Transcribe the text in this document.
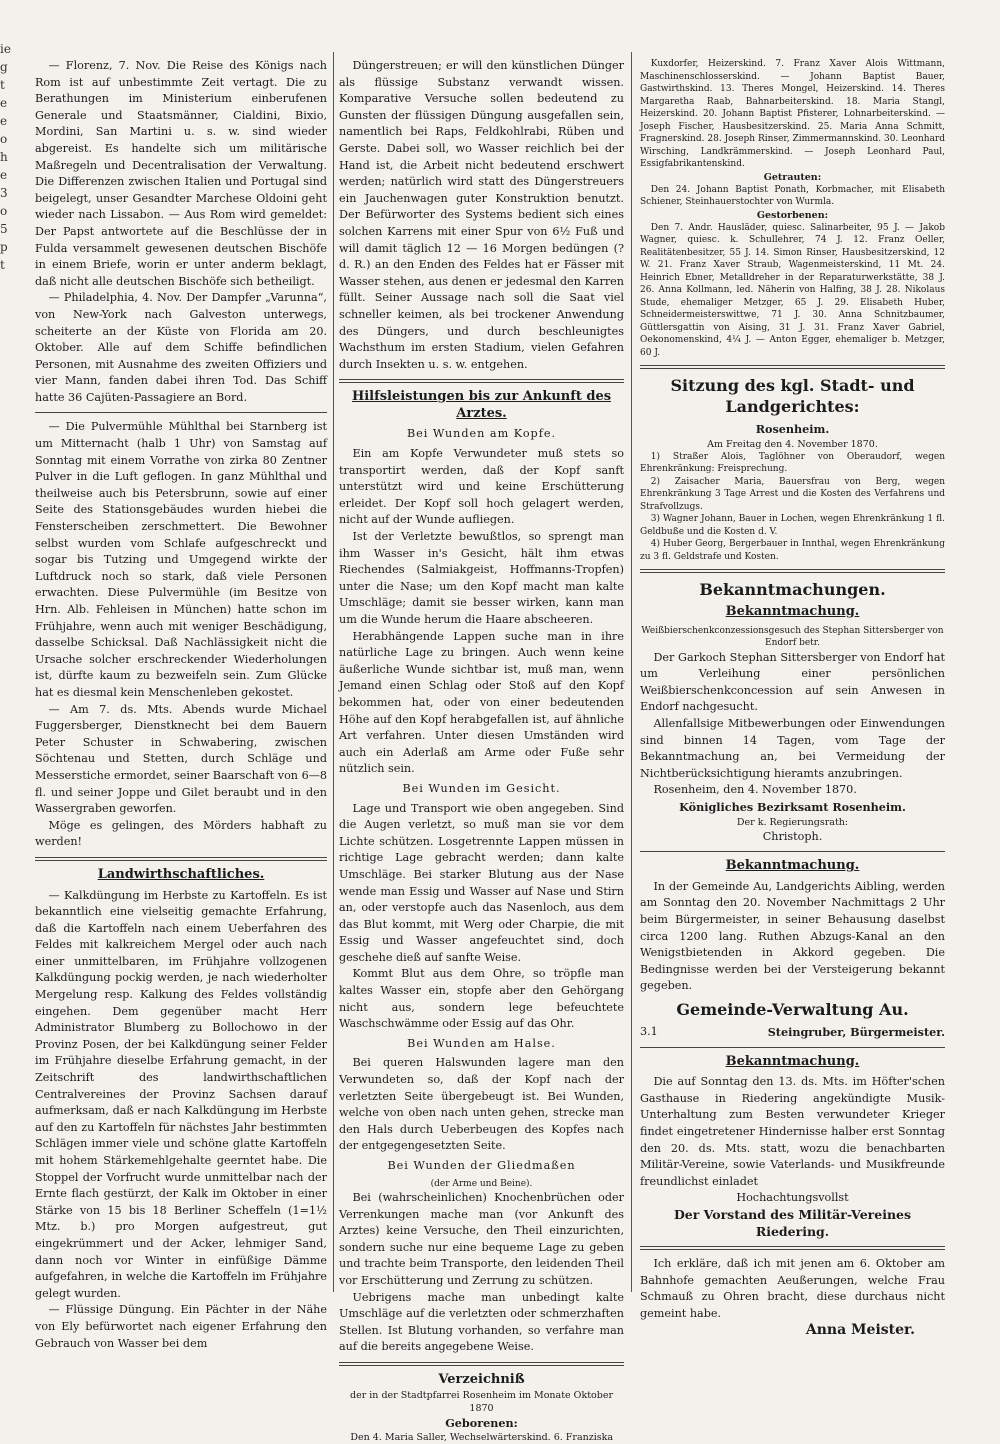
ie
g
t
e
e
o
h
e
3
o
5
p
t

— Florenz, 7. Nov. Die Reise des Königs nach Rom ist auf unbestimmte Zeit vertagt. Die zu Berathungen im Ministerium einberufenen Generale und Staatsmänner, Cialdini, Bixio, Mordini, San Martini u. s. w. sind wieder abgereist. Es handelte sich um militärische Maßregeln und Decentralisation der Verwaltung. Die Differenzen zwischen Italien und Portugal sind beigelegt, unser Gesandter Marchese Oldoini geht wieder nach Lissabon. — Aus Rom wird gemeldet: Der Papst antwortete auf die Beschlüsse der in Fulda versammelt gewesenen deutschen Bischöfe in einem Briefe, worin er unter anderm beklagt, daß nicht alle deutschen Bischöfe sich betheiligt.

— Philadelphia, 4. Nov. Der Dampfer „Varunna“, von New-York nach Galveston unterwegs, scheiterte an der Küste von Florida am 20. Oktober. Alle auf dem Schiffe befindlichen Personen, mit Ausnahme des zweiten Offiziers und vier Mann, fanden dabei ihren Tod. Das Schiff hatte 36 Cajüten-Passagiere an Bord.

— Die Pulvermühle Mühlthal bei Starnberg ist um Mitternacht (halb 1 Uhr) von Samstag auf Sonntag mit einem Vorrathe von zirka 80 Zentner Pulver in die Luft geflogen. In ganz Mühlthal und theilweise auch bis Petersbrunn, sowie auf einer Seite des Stationsgebäudes wurden hiebei die Fensterscheiben zerschmettert. Die Bewohner selbst wurden vom Schlafe aufgeschreckt und sogar bis Tutzing und Umgegend wirkte der Luftdruck noch so stark, daß viele Personen erwachten. Diese Pulvermühle (im Besitze von Hrn. Alb. Fehleisen in München) hatte schon im Frühjahre, wenn auch mit weniger Beschädigung, dasselbe Schicksal. Daß Nachlässigkeit nicht die Ursache solcher erschreckender Wiederholungen ist, dürfte kaum zu bezweifeln sein. Zum Glücke hat es diesmal kein Menschenleben gekostet.

— Am 7. ds. Mts. Abends wurde Michael Fuggersberger, Dienstknecht bei dem Bauern Peter Schuster in Schwabering, zwischen Söchtenau und Stetten, durch Schläge und Messerstiche ermordet, seiner Baarschaft von 6—8 fl. und seiner Joppe und Gilet beraubt und in den Wassergraben geworfen.

Möge es gelingen, des Mörders habhaft zu werden!

Landwirthschaftliches.

— Kalkdüngung im Herbste zu Kartoffeln. Es ist bekanntlich eine vielseitig gemachte Erfahrung, daß die Kartoffeln nach einem Ueberfahren des Feldes mit kalkreichem Mergel oder auch nach einer unmittelbaren, im Frühjahre vollzogenen Kalkdüngung pockig werden, je nach wiederholter Mergelung resp. Kalkung des Feldes vollständig eingehen. Dem gegenüber macht Herr Administrator Blumberg zu Bollochowo in der Provinz Posen, der bei Kalkdüngung seiner Felder im Frühjahre dieselbe Erfahrung gemacht, in der Zeitschrift des landwirthschaftlichen Centralvereines der Provinz Sachsen darauf aufmerksam, daß er nach Kalkdüngung im Herbste auf den zu Kartoffeln für nächstes Jahr bestimmten Schlägen immer viele und schöne glatte Kartoffeln mit hohem Stärkemehlgehalte geerntet habe. Die Stoppel der Vorfrucht wurde unmittelbar nach der Ernte flach gestürzt, der Kalk im Oktober in einer Stärke von 15 bis 18 Berliner Scheffeln (1=1½ Mtz. b.) pro Morgen aufgestreut, gut eingekrümmert und der Acker, lehmiger Sand, dann noch vor Winter in einfüßige Dämme aufgefahren, in welche die Kartoffeln im Frühjahre gelegt wurden.

— Flüssige Düngung. Ein Pächter in der Nähe von Ely befürwortet nach eigener Erfahrung den Gebrauch von Wasser bei dem

Düngerstreuen; er will den künstlichen Dünger als flüssige Substanz verwandt wissen. Komparative Versuche sollen bedeutend zu Gunsten der flüssigen Düngung ausgefallen sein, namentlich bei Raps, Feldkohlrabi, Rüben und Gerste. Dabei soll, wo Wasser reichlich bei der Hand ist, die Arbeit nicht bedeutend erschwert werden; natürlich wird statt des Düngerstreuers ein Jauchenwagen guter Konstruktion benutzt. Der Befürworter des Systems bedient sich eines solchen Karrens mit einer Spur von 6½ Fuß und will damit täglich 12 — 16 Morgen bedüngen (? d. R.) an den Enden des Feldes hat er Fässer mit Wasser stehen, aus denen er jedesmal den Karren füllt. Seiner Aussage nach soll die Saat viel schneller keimen, als bei trockener Anwendung des Düngers, und durch beschleunigtes Wachsthum im ersten Stadium, vielen Gefahren durch Insekten u. s. w. entgehen.

Hilfsleistungen bis zur Ankunft des Arztes.
Bei Wunden am Kopfe.

Ein am Kopfe Verwundeter muß stets so transportirt werden, daß der Kopf sanft unterstützt wird und keine Erschütterung erleidet. Der Kopf soll hoch gelagert werden, nicht auf der Wunde aufliegen.

Ist der Verletzte bewußtlos, so sprengt man ihm Wasser in's Gesicht, hält ihm etwas Riechendes (Salmiakgeist, Hoffmanns-Tropfen) unter die Nase; um den Kopf macht man kalte Umschläge; damit sie besser wirken, kann man um die Wunde herum die Haare abscheeren.

Herabhängende Lappen suche man in ihre natürliche Lage zu bringen. Auch wenn keine äußerliche Wunde sichtbar ist, muß man, wenn Jemand einen Schlag oder Stoß auf den Kopf bekommen hat, oder von einer bedeutenden Höhe auf den Kopf herabgefallen ist, auf ähnliche Art verfahren. Unter diesen Umständen wird auch ein Aderlaß am Arme oder Fuße sehr nützlich sein.

Bei Wunden im Gesicht.

Lage und Transport wie oben angegeben. Sind die Augen verletzt, so muß man sie vor dem Lichte schützen. Losgetrennte Lappen müssen in richtige Lage gebracht werden; dann kalte Umschläge. Bei starker Blutung aus der Nase wende man Essig und Wasser auf Nase und Stirn an, oder verstopfe auch das Nasenloch, aus dem das Blut kommt, mit Werg oder Charpie, die mit Essig und Wasser angefeuchtet sind, doch geschehe dieß auf sanfte Weise.

Kommt Blut aus dem Ohre, so tröpfle man kaltes Wasser ein, stopfe aber den Gehörgang nicht aus, sondern lege befeuchtete Waschschwämme oder Essig auf das Ohr.

Bei Wunden am Halse.

Bei queren Halswunden lagere man den Verwundeten so, daß der Kopf nach der verletzten Seite übergebeugt ist. Bei Wunden, welche von oben nach unten gehen, strecke man den Hals durch Ueberbeugen des Kopfes nach der entgegengesetzten Seite.

Bei Wunden der Gliedmaßen
(der Arme und Beine).

Bei (wahrscheinlichen) Knochenbrüchen oder Verrenkungen mache man (vor Ankunft des Arztes) keine Versuche, den Theil einzurichten, sondern suche nur eine bequeme Lage zu geben und trachte beim Transporte, den leidenden Theil vor Erschütterung und Zerrung zu schützen.

Uebrigens mache man unbedingt kalte Umschläge auf die verletzten oder schmerzhaften Stellen. Ist Blutung vorhanden, so verfahre man auf die bereits angegebene Weise.

Verzeichniß
der in der Stadtpfarrei Rosenheim im Monate Oktober 1870
Geborenen:

Den 4. Maria Saller, Wechselwärterskind. 6. Franziska

Kuxdorfer, Heizerskind. 7. Franz Xaver Alois Wittmann, Maschinenschlosserskind. — Johann Baptist Bauer, Gastwirthskind. 13. Theres Mongel, Heizerskind. 14. Theres Margaretha Raab, Bahnarbeiterskind. 18. Maria Stangl, Heizerskind. 20. Johann Baptist Pfisterer, Lohnarbeiterskind. — Joseph Fischer, Hausbesitzerskind. 25. Maria Anna Schmitt, Fragnerskind. 28. Joseph Rinser, Zimmermannskind. 30. Leonhard Wirsching, Landkrämmerskind. — Joseph Leonhard Paul, Essigfabrikantenskind.

Getrauten:

Den 24. Johann Baptist Ponath, Korbmacher, mit Elisabeth Schiener, Steinhauerstochter von Wurmla.

Gestorbenen:

Den 7. Andr. Hausläder, quiesc. Salinarbeiter, 95 J. — Jakob Wagner, quiesc. k. Schullehrer, 74 J. 12. Franz Oeller, Realitätenbesitzer, 55 J. 14. Simon Rinser, Hausbesitzerskind, 12 W. 21. Franz Xaver Straub, Wagenmeisterskind, 11 Mt. 24. Heinrich Ebner, Metalldreher in der Reparaturwerkstätte, 38 J. 26. Anna Kollmann, led. Näherin von Halfing, 38 J. 28. Nikolaus Stude, ehemaliger Metzger, 65 J. 29. Elisabeth Huber, Schneidermeisterswittwe, 71 J. 30. Anna Schnitzbaumer, Güttlersgattin von Aising, 31 J. 31. Franz Xaver Gabriel, Oekonomenskind, 4¼ J. — Anton Egger, ehemaliger b. Metzger, 60 J.

Sitzung des kgl. Stadt- und
Landgerichtes:
Rosenheim.
Am Freitag den 4. November 1870.

1) Straßer Alois, Taglöhner von Oberaudorf, wegen Ehrenkränkung: Freisprechung.

2) Zaisacher Maria, Bauersfrau von Berg, wegen Ehrenkränkung 3 Tage Arrest und die Kosten des Verfahrens und Strafvollzugs.

3) Wagner Johann, Bauer in Lochen, wegen Ehrenkränkung 1 fl. Geldbuße und die Kosten d. V.

4) Huber Georg, Bergerbauer in Innthal, wegen Ehrenkränkung zu 3 fl. Geldstrafe und Kosten.

Bekanntmachungen.
Bekanntmachung.
Weißbierschenkconzessionsgesuch des Stephan Sittersberger von Endorf betr.

Der Garkoch Stephan Sittersberger von Endorf hat um Verleihung einer persönlichen Weißbierschenkconcession auf sein Anwesen in Endorf nachgesucht.

Allenfallsige Mitbewerbungen oder Einwendungen sind binnen 14 Tagen, vom Tage der Bekanntmachung an, bei Vermeidung der Nichtberücksichtigung hieramts anzubringen.

Rosenheim, den 4. November 1870.

Königliches Bezirksamt Rosenheim.
Der k. Regierungsrath:
Christoph.
Bekanntmachung.

In der Gemeinde Au, Landgerichts Aibling, werden am Sonntag den 20. November Nachmittags 2 Uhr beim Bürgermeister, in seiner Behausung daselbst circa 1200 lang. Ruthen Abzugs-Kanal an den Wenigstbietenden in Akkord gegeben. Die Bedingnisse werden bei der Versteigerung bekannt gegeben.

Gemeinde-Verwaltung Au.
3.1	Steingruber, Bürgermeister.
Bekanntmachung.

Die auf Sonntag den 13. ds. Mts. im Höfter'schen Gasthause in Riedering angekündigte Musik-Unterhaltung zum Besten verwundeter Krieger findet eingetretener Hindernisse halber erst Sonntag den 20. ds. Mts. statt, wozu die benachbarten Militär-Vereine, sowie Vaterlands- und Musikfreunde freundlichst einladet

Hochachtungsvollst
Der Vorstand des Militär-Vereines Riedering.

Ich erkläre, daß ich mit jenen am 6. Oktober am Bahnhofe gemachten Aeußerungen, welche Frau Schmauß zu Ohren bracht, diese durchaus nicht gemeint habe.

Anna Meister.
